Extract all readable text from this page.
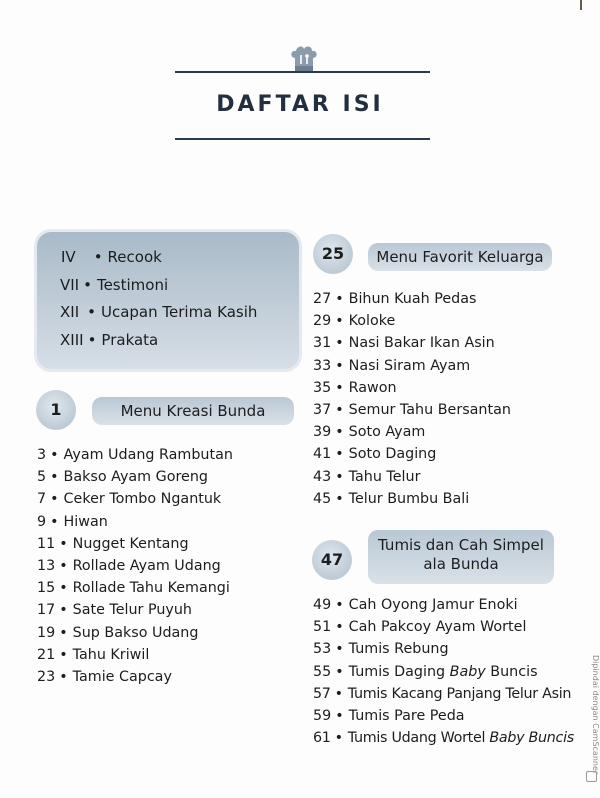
DAFTAR ISI
IV • Recook
VII • Testimoni
XII • Ucapan Terima Kasih
XIII • Prakata
1	Menu Kreasi Bunda
3 • Ayam Udang Rambutan
5 • Bakso Ayam Goreng
7 • Ceker Tombo Ngantuk
9 • Hiwan
11 • Nugget Kentang
13 • Rollade Ayam Udang
15 • Rollade Tahu Kemangi
17 • Sate Telur Puyuh
19 • Sup Bakso Udang
21 • Tahu Kriwil
23 • Tamie Capcay
25	Menu Favorit Keluarga
27 • Bihun Kuah Pedas
29 • Koloke
31 • Nasi Bakar Ikan Asin
33 • Nasi Siram Ayam
35 • Rawon
37 • Semur Tahu Bersantan
39 • Soto Ayam
41 • Soto Daging
43 • Tahu Telur
45 • Telur Bumbu Bali
47
Tumis dan Cah Simpel
ala Bunda
49 • Cah Oyong Jamur Enoki
51 • Cah Pakcoy Ayam Wortel
53 • Tumis Rebung
55 • Tumis Daging Baby Buncis
57 • Tumis Kacang Panjang Telur Asin
59 • Tumis Pare Peda
61 • Tumis Udang Wortel Baby Buncis Dipindai dengan CamScanner
